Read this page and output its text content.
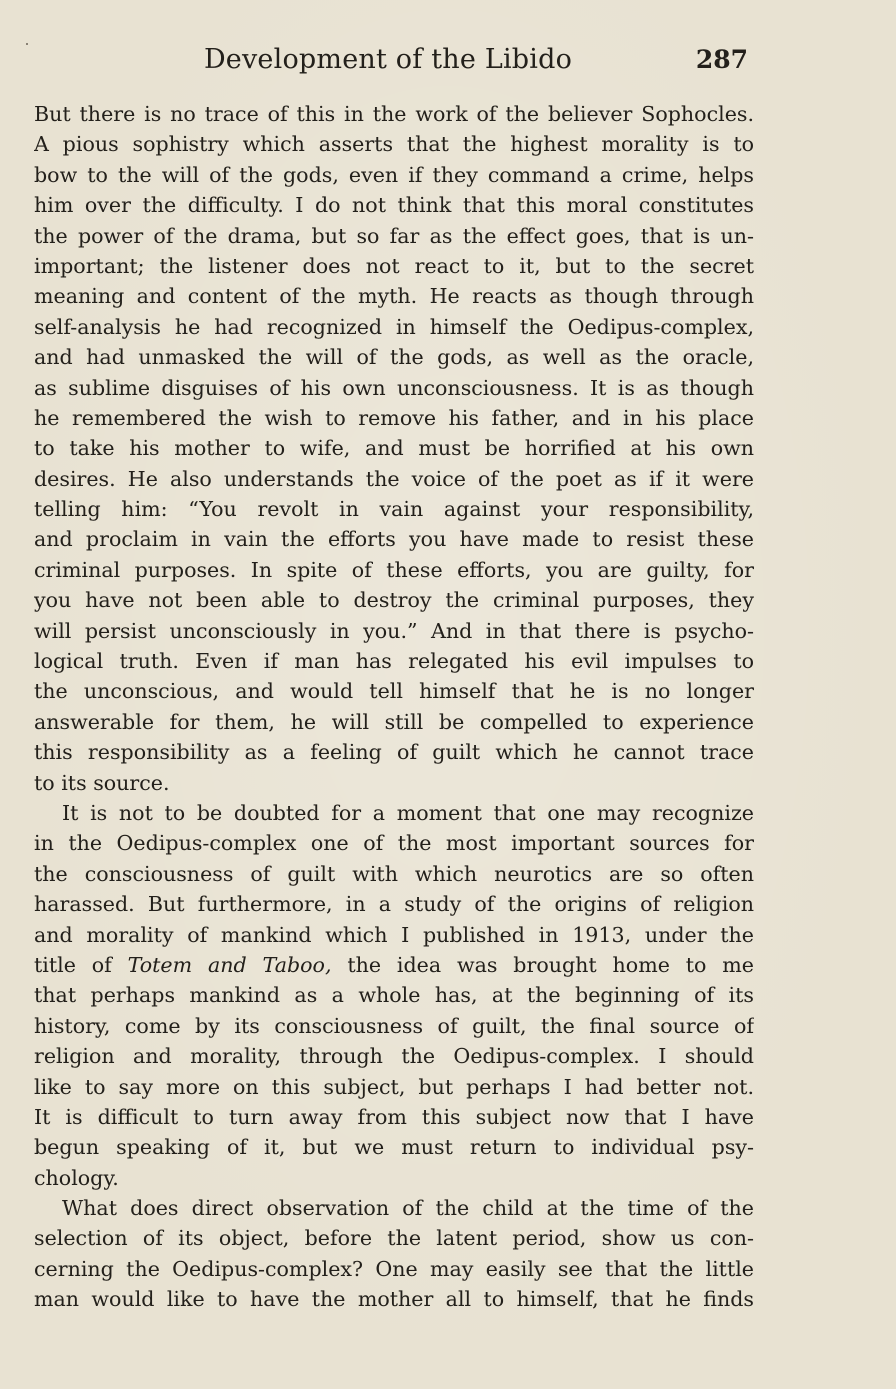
Development of the Libido	287
But there is no trace of this in the work of the believer Sophocles.
A pious sophistry which asserts that the highest morality is to
bow to the will of the gods, even if they command a crime, helps
him over the difficulty. I do not think that this moral constitutes
the power of the drama, but so far as the effect goes, that is un-
important; the listener does not react to it, but to the secret
meaning and content of the myth. He reacts as though through
self-analysis he had recognized in himself the Oedipus-complex,
and had unmasked the will of the gods, as well as the oracle,
as sublime disguises of his own unconsciousness. It is as though
he remembered the wish to remove his father, and in his place
to take his mother to wife, and must be horrified at his own
desires. He also understands the voice of the poet as if it were
telling him: “You revolt in vain against your responsibility,
and proclaim in vain the efforts you have made to resist these
criminal purposes. In spite of these efforts, you are guilty, for
you have not been able to destroy the criminal purposes, they
will persist unconsciously in you.” And in that there is psycho-
logical truth. Even if man has relegated his evil impulses to
the unconscious, and would tell himself that he is no longer
answerable for them, he will still be compelled to experience
this responsibility as a feeling of guilt which he cannot trace
to its source.
It is not to be doubted for a moment that one may recognize
in the Oedipus-complex one of the most important sources for
the consciousness of guilt with which neurotics are so often
harassed. But furthermore, in a study of the origins of religion
and morality of mankind which I published in 1913, under the
title of Totem and Taboo, the idea was brought home to me
that perhaps mankind as a whole has, at the beginning of its
history, come by its consciousness of guilt, the final source of
religion and morality, through the Oedipus-complex. I should
like to say more on this subject, but perhaps I had better not.
It is difficult to turn away from this subject now that I have
begun speaking of it, but we must return to individual psy-
chology.
What does direct observation of the child at the time of the
selection of its object, before the latent period, show us con-
cerning the Oedipus-complex? One may easily see that the little
man would like to have the mother all to himself, that he finds
